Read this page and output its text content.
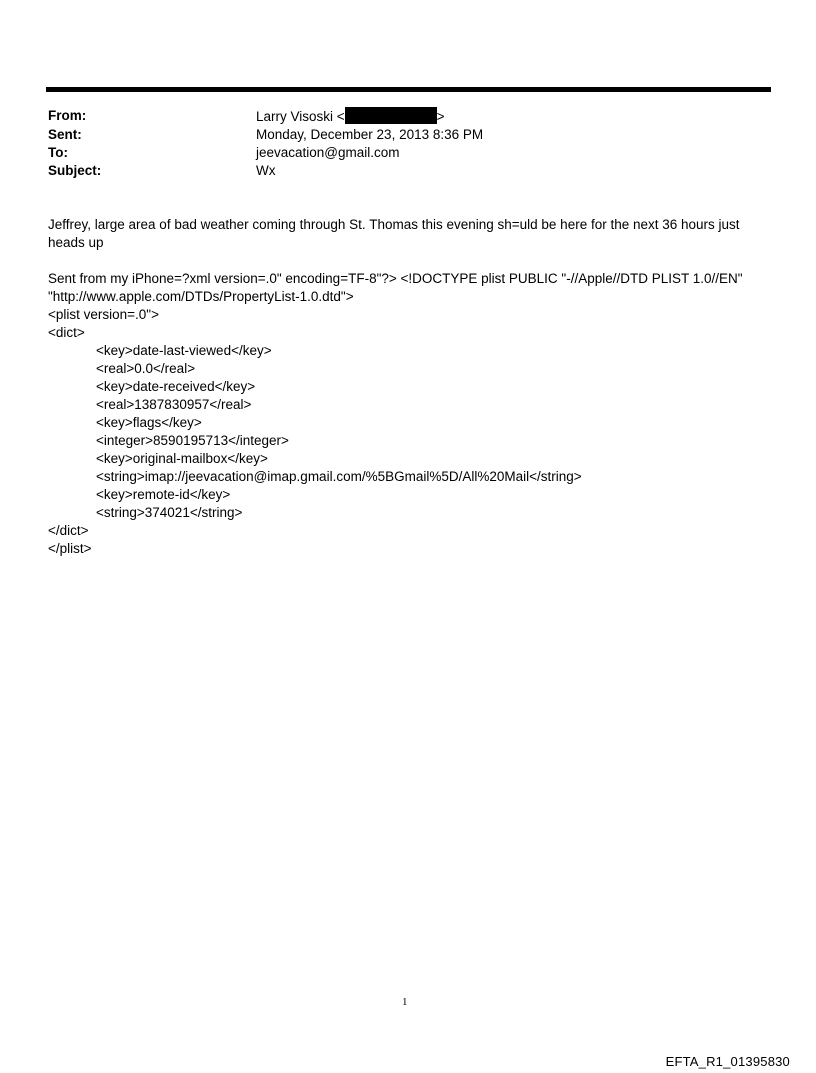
From:	Larry Visoski <	>
Sent:	Monday, December 23, 2013 8:36 PM
To:	jeevacation@gmail.com
Subject:	Wx

Jeffrey, large area of bad weather coming through St. Thomas this evening sh=uld be here for the next 36 hours just heads up

Sent from my iPhone=?xml version=.0" encoding=TF-8"?> <!DOCTYPE plist PUBLIC "-//Apple//DTD PLIST 1.0//EN"
"http://www.apple.com/DTDs/PropertyList-1.0.dtd">
<plist version=.0">
<dict>
<key>date-last-viewed</key>
<real>0.0</real>
<key>date-received</key>
<real>1387830957</real>
<key>flags</key>
<integer>8590195713</integer>
<key>original-mailbox</key>
<string>imap://jeevacation@imap.gmail.com/%5BGmail%5D/All%20Mail</string>
<key>remote-id</key>
<string>374021</string>
</dict>
</plist>
1
EFTA_R1_01395830
